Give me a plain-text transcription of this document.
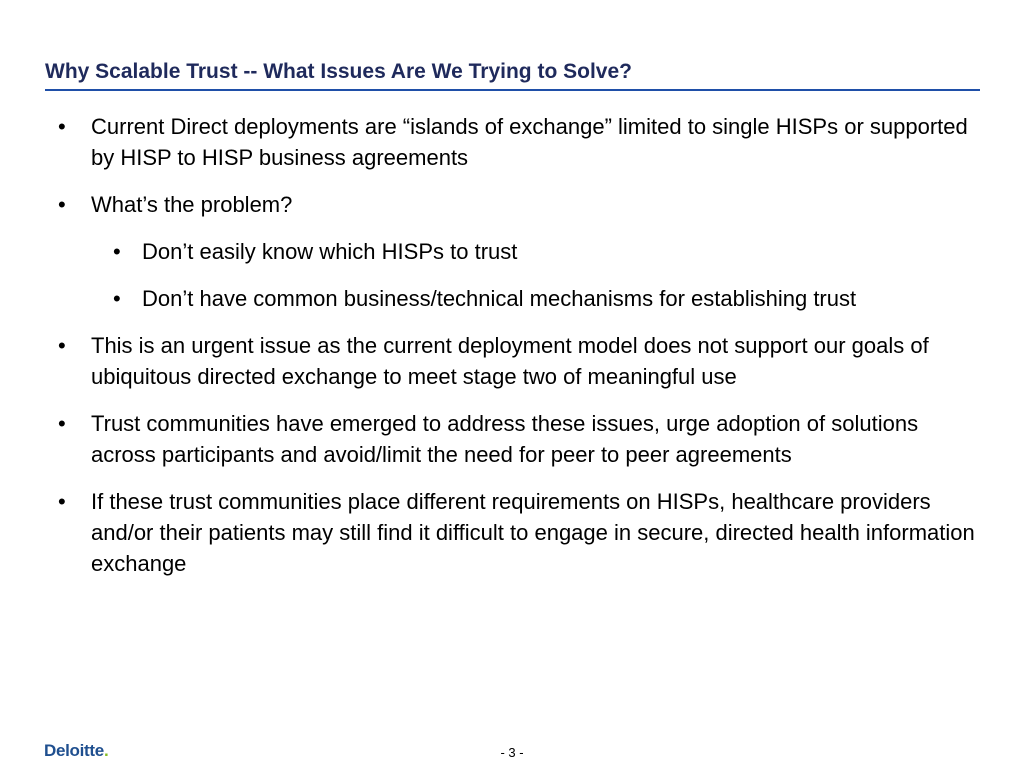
Why Scalable Trust -- What Issues Are We Trying to Solve?
• Current Direct deployments are “islands of exchange” limited to single HISPs or supported by HISP to HISP business agreements
• What’s the problem?
• Don’t easily know which HISPs to trust
• Don’t have common business/technical mechanisms for establishing trust
• This is an urgent issue as the current deployment model does not support our goals of ubiquitous directed exchange to meet stage two of meaningful use
• Trust communities have emerged to address these issues, urge adoption of solutions across participants and avoid/limit the need for peer to peer agreements
• If these trust communities place different requirements on HISPs, healthcare providers and/or their patients may still find it difficult to engage in secure, directed health information exchange
Deloitte.	- 3 -
